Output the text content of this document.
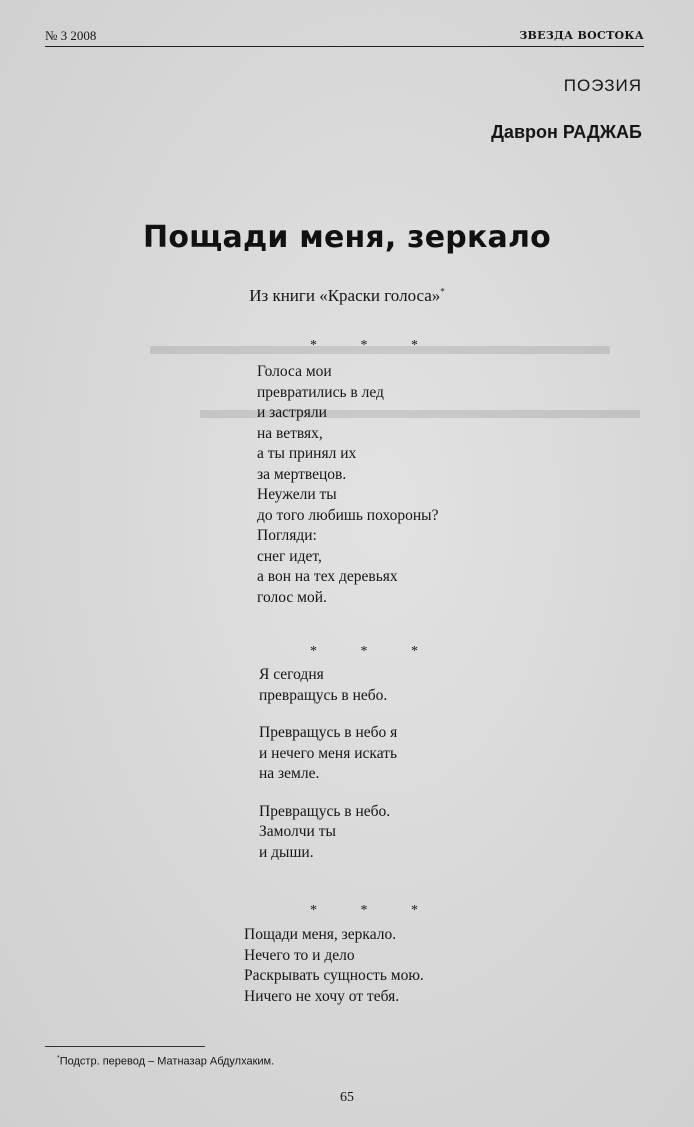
№ 3 2008	ЗВЕЗДА ВОСТОКА
ПОЭЗИЯ
Даврон РАДЖАБ
Пощади меня, зеркало
Из книги «Краски голоса»*
* * *
Голоса мои
превратились в лед
и застряли
на ветвях,
а ты принял их
за мертвецов.
Неужели ты
до того любишь похороны?
Погляди:
снег идет,
а вон на тех деревьях
голос мой.
* * *
Я сегодня
превращусь в небо.
Превращусь в небо я
и нечего меня искать
на земле.
Превращусь в небо.
Замолчи ты
и дыши.
* * *
Пощади меня, зеркало.
Нечего то и дело
Раскрывать сущность мою.
Ничего не хочу от тебя.
*Подстр. перевод – Матназар Абдулхаким.
65
